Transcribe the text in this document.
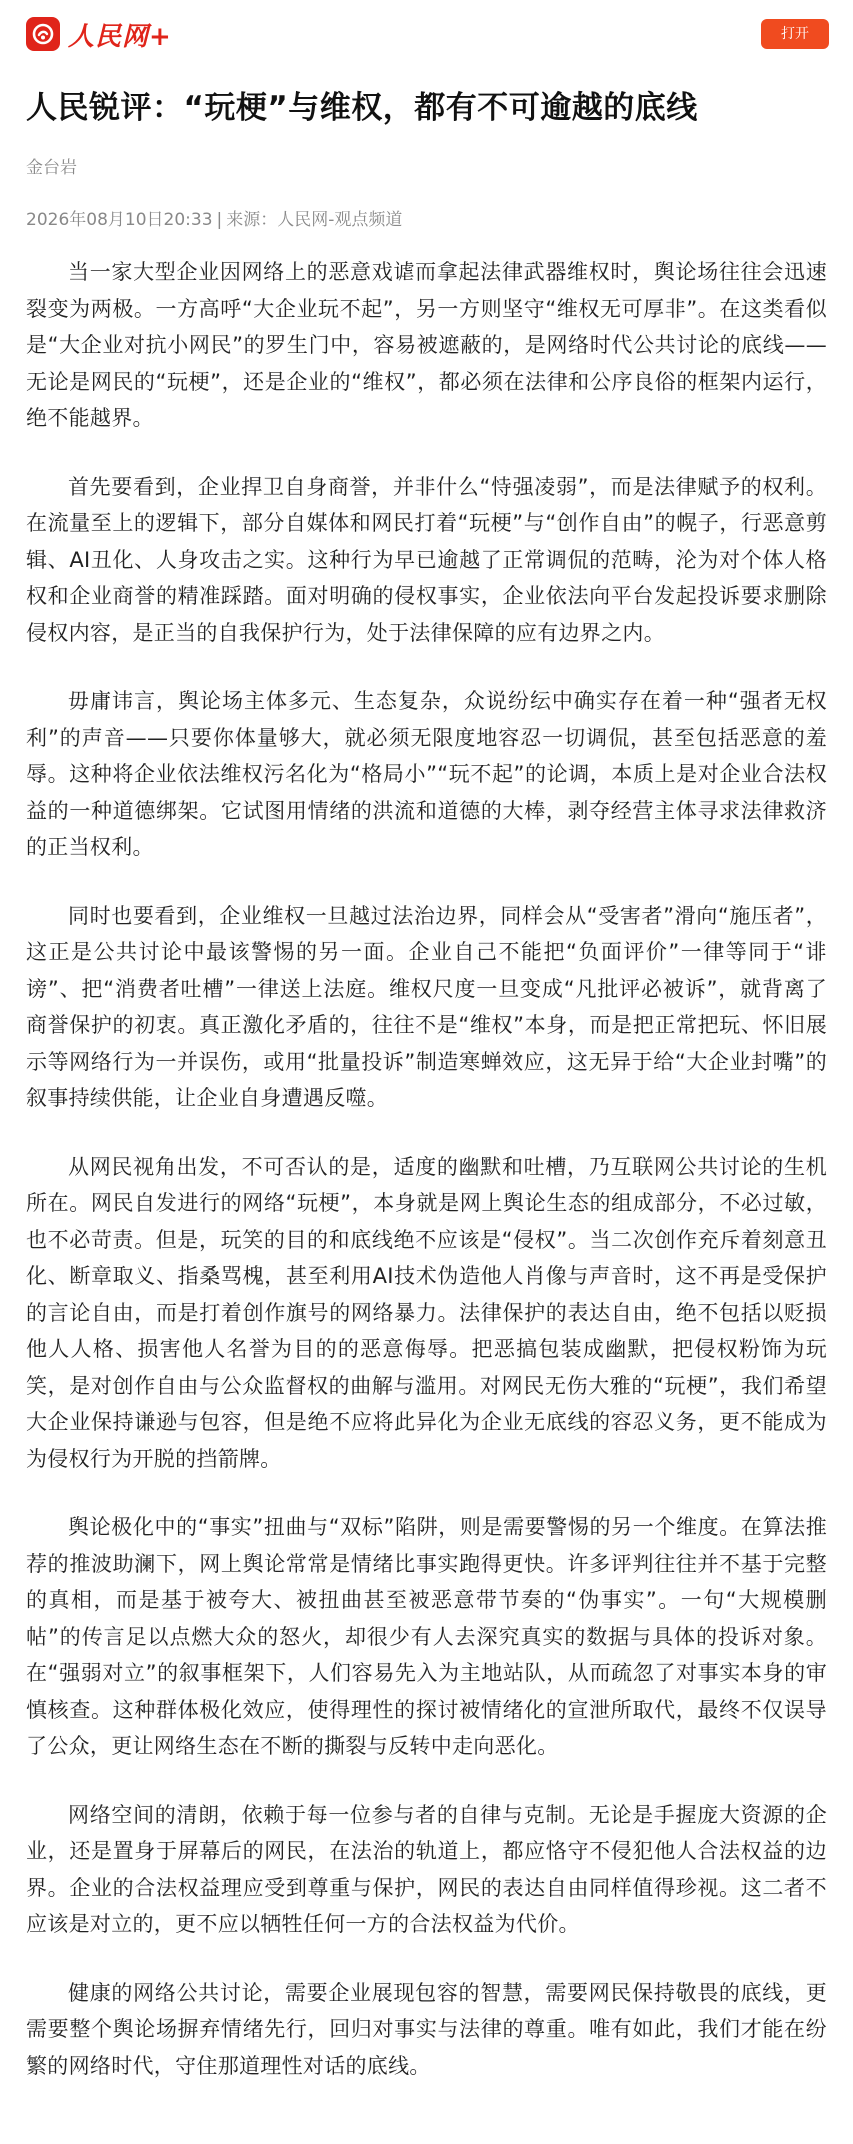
人民网+	打开
人民锐评：“玩梗”与维权，都有不可逾越的底线
金台岩
2026年08月10日20:33 | 来源：人民网-观点频道

当一家大型企业因网络上的恶意戏谑而拿起法律武器维权时，舆论场往往会迅速裂变为两极。一方高呼“大企业玩不起”，另一方则坚守“维权无可厚非”。在这类看似是“大企业对抗小网民”的罗生门中，容易被遮蔽的，是网络时代公共讨论的底线——无论是网民的“玩梗”，还是企业的“维权”，都必须在法律和公序良俗的框架内运行，绝不能越界。

首先要看到，企业捍卫自身商誉，并非什么“恃强凌弱”，而是法律赋予的权利。在流量至上的逻辑下，部分自媒体和网民打着“玩梗”与“创作自由”的幌子，行恶意剪辑、AI丑化、人身攻击之实。这种行为早已逾越了正常调侃的范畴，沦为对个体人格权和企业商誉的精准踩踏。面对明确的侵权事实，企业依法向平台发起投诉要求删除侵权内容，是正当的自我保护行为，处于法律保障的应有边界之内。

毋庸讳言，舆论场主体多元、生态复杂，众说纷纭中确实存在着一种“强者无权利”的声音——只要你体量够大，就必须无限度地容忍一切调侃，甚至包括恶意的羞辱。这种将企业依法维权污名化为“格局小”“玩不起”的论调，本质上是对企业合法权益的一种道德绑架。它试图用情绪的洪流和道德的大棒，剥夺经营主体寻求法律救济的正当权利。

同时也要看到，企业维权一旦越过法治边界，同样会从“受害者”滑向“施压者”，这正是公共讨论中最该警惕的另一面。企业自己不能把“负面评价”一律等同于“诽谤”、把“消费者吐槽”一律送上法庭。维权尺度一旦变成“凡批评必被诉”，就背离了商誉保护的初衷。真正激化矛盾的，往往不是“维权”本身，而是把正常把玩、怀旧展示等网络行为一并误伤，或用“批量投诉”制造寒蝉效应，这无异于给“大企业封嘴”的叙事持续供能，让企业自身遭遇反噬。

从网民视角出发，不可否认的是，适度的幽默和吐槽，乃互联网公共讨论的生机所在。网民自发进行的网络“玩梗”，本身就是网上舆论生态的组成部分，不必过敏，也不必苛责。但是，玩笑的目的和底线绝不应该是“侵权”。当二次创作充斥着刻意丑化、断章取义、指桑骂槐，甚至利用AI技术伪造他人肖像与声音时，这不再是受保护的言论自由，而是打着创作旗号的网络暴力。法律保护的表达自由，绝不包括以贬损他人人格、损害他人名誉为目的的恶意侮辱。把恶搞包装成幽默，把侵权粉饰为玩笑，是对创作自由与公众监督权的曲解与滥用。对网民无伤大雅的“玩梗”，我们希望大企业保持谦逊与包容，但是绝不应将此异化为企业无底线的容忍义务，更不能成为为侵权行为开脱的挡箭牌。

舆论极化中的“事实”扭曲与“双标”陷阱，则是需要警惕的另一个维度。在算法推荐的推波助澜下，网上舆论常常是情绪比事实跑得更快。许多评判往往并不基于完整的真相，而是基于被夸大、被扭曲甚至被恶意带节奏的“伪事实”。一句“大规模删帖”的传言足以点燃大众的怒火，却很少有人去深究真实的数据与具体的投诉对象。在“强弱对立”的叙事框架下，人们容易先入为主地站队，从而疏忽了对事实本身的审慎核查。这种群体极化效应，使得理性的探讨被情绪化的宣泄所取代，最终不仅误导了公众，更让网络生态在不断的撕裂与反转中走向恶化。

网络空间的清朗，依赖于每一位参与者的自律与克制。无论是手握庞大资源的企业，还是置身于屏幕后的网民，在法治的轨道上，都应恪守不侵犯他人合法权益的边界。企业的合法权益理应受到尊重与保护，网民的表达自由同样值得珍视。这二者不应该是对立的，更不应以牺牲任何一方的合法权益为代价。

健康的网络公共讨论，需要企业展现包容的智慧，需要网民保持敬畏的底线，更需要整个舆论场摒弃情绪先行，回归对事实与法律的尊重。唯有如此，我们才能在纷繁的网络时代，守住那道理性对话的底线。
